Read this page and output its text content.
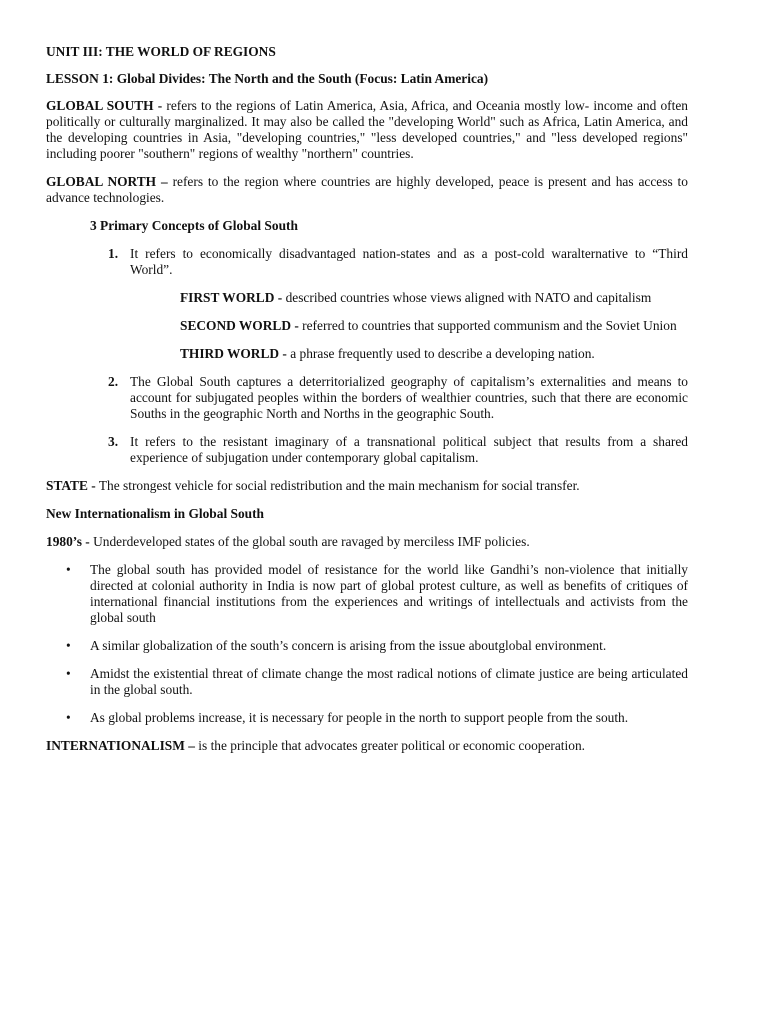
UNIT III: THE WORLD OF REGIONS

LESSON 1: Global Divides: The North and the South (Focus: Latin America)

GLOBAL SOUTH - refers to the regions of Latin America, Asia, Africa, and Oceania mostly low- income and often politically or culturally marginalized. It may also be called the "developing World" such as Africa, Latin America, and the developing countries in Asia, "developing countries," "less developed countries," and "less developed regions" including poorer "southern" regions of wealthy "northern" countries.

GLOBAL NORTH – refers to the region where countries are highly developed, peace is present and has access to advance technologies.

3 Primary Concepts of Global South

1. It refers to economically disadvantaged nation-states and as a post-cold waralternative to “Third World”.

FIRST WORLD - described countries whose views aligned with NATO and capitalism

SECOND WORLD - referred to countries that supported communism and the Soviet Union

THIRD WORLD - a phrase frequently used to describe a developing nation.

2. The Global South captures a deterritorialized geography of capitalism’s externalities and means to account for subjugated peoples within the borders of wealthier countries, such that there are economic Souths in the geographic North and Norths in the geographic South.
3. It refers to the resistant imaginary of a transnational political subject that results from a shared experience of subjugation under contemporary global capitalism.

STATE - The strongest vehicle for social redistribution and the main mechanism for social transfer.

New Internationalism in Global South

1980’s - Underdeveloped states of the global south are ravaged by merciless IMF policies.

• The global south has provided model of resistance for the world like Gandhi’s non-violence that initially directed at colonial authority in India is now part of global protest culture, as well as benefits of critiques of international financial institutions from the experiences and writings of intellectuals and activists from the global south
• A similar globalization of the south’s concern is arising from the issue aboutglobal environment.
• Amidst the existential threat of climate change the most radical notions of climate justice are being articulated in the global south.
• As global problems increase, it is necessary for people in the north to support people from the south.

INTERNATIONALISM – is the principle that advocates greater political or economic cooperation.
